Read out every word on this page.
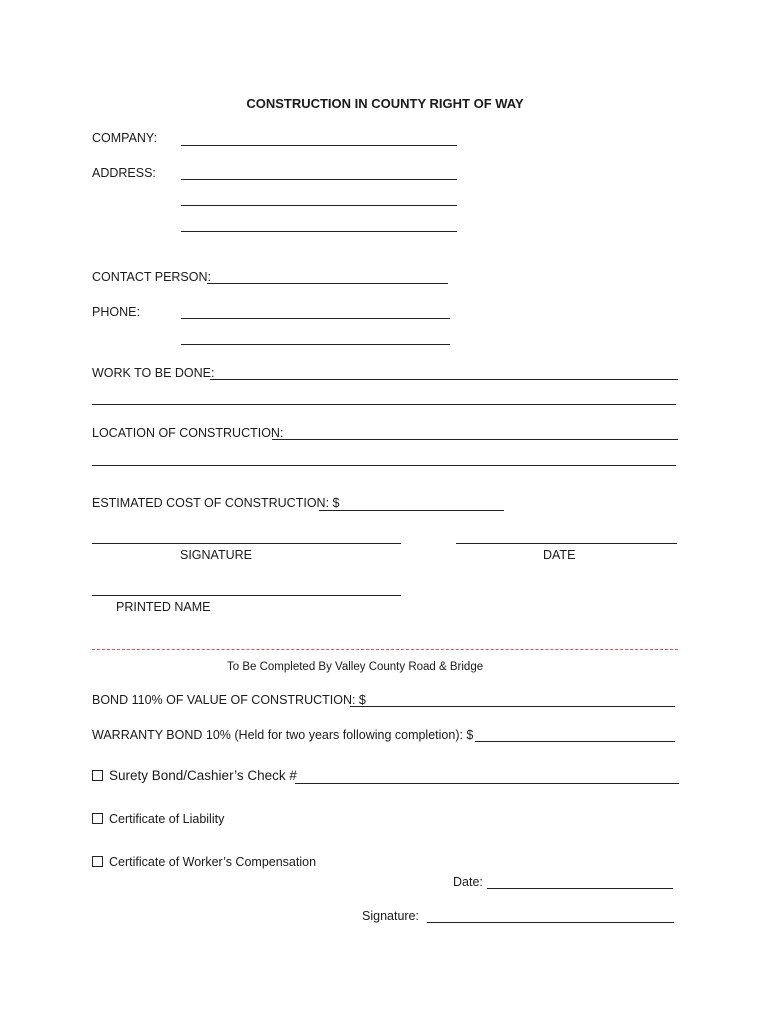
CONSTRUCTION IN COUNTY RIGHT OF WAY
COMPANY:
ADDRESS:
CONTACT PERSON:
PHONE:
WORK TO BE DONE:
LOCATION OF CONSTRUCTION:
ESTIMATED COST OF CONSTRUCTION: $
SIGNATURE	DATE
PRINTED NAME
To Be Completed By Valley County Road & Bridge
BOND 110% OF VALUE OF CONSTRUCTION: $
WARRANTY BOND 10% (Held for two years following completion): $
Surety Bond/Cashier’s Check #
Certificate of Liability
Certificate of Worker’s Compensation
Date:
Signature:
